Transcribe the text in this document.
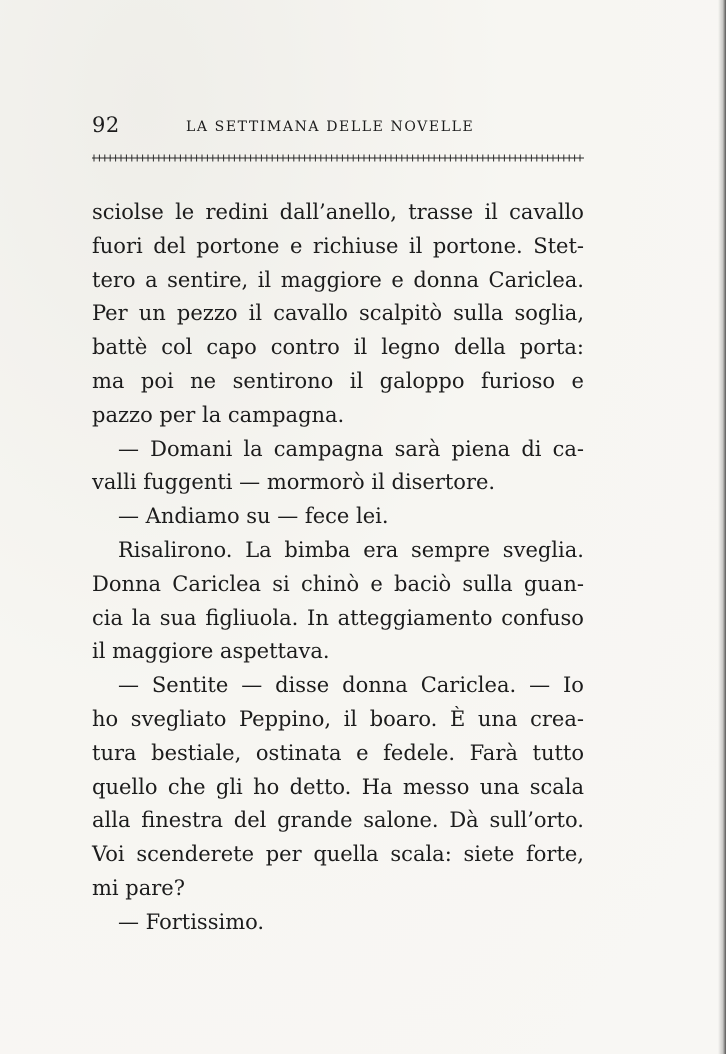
92	LA SETTIMANA DELLE NOVELLE
sciolse le redini dall’anello, trasse il cavallo
fuori del portone e richiuse il portone. Stet-
tero a sentire, il maggiore e donna Cariclea.
Per un pezzo il cavallo scalpitò sulla soglia,
battè col capo contro il legno della porta:
ma poi ne sentirono il galoppo furioso e
pazzo per la campagna.
— Domani la campagna sarà piena di ca-
valli fuggenti — mormorò il disertore.
— Andiamo su — fece lei.
Risalirono. La bimba era sempre sveglia.
Donna Cariclea si chinò e baciò sulla guan-
cia la sua figliuola. In atteggiamento confuso
il maggiore aspettava.
— Sentite — disse donna Cariclea. — Io
ho svegliato Peppino, il boaro. È una crea-
tura bestiale, ostinata e fedele. Farà tutto
quello che gli ho detto. Ha messo una scala
alla finestra del grande salone. Dà sull’orto.
Voi scenderete per quella scala: siete forte,
mi pare?
— Fortissimo.
